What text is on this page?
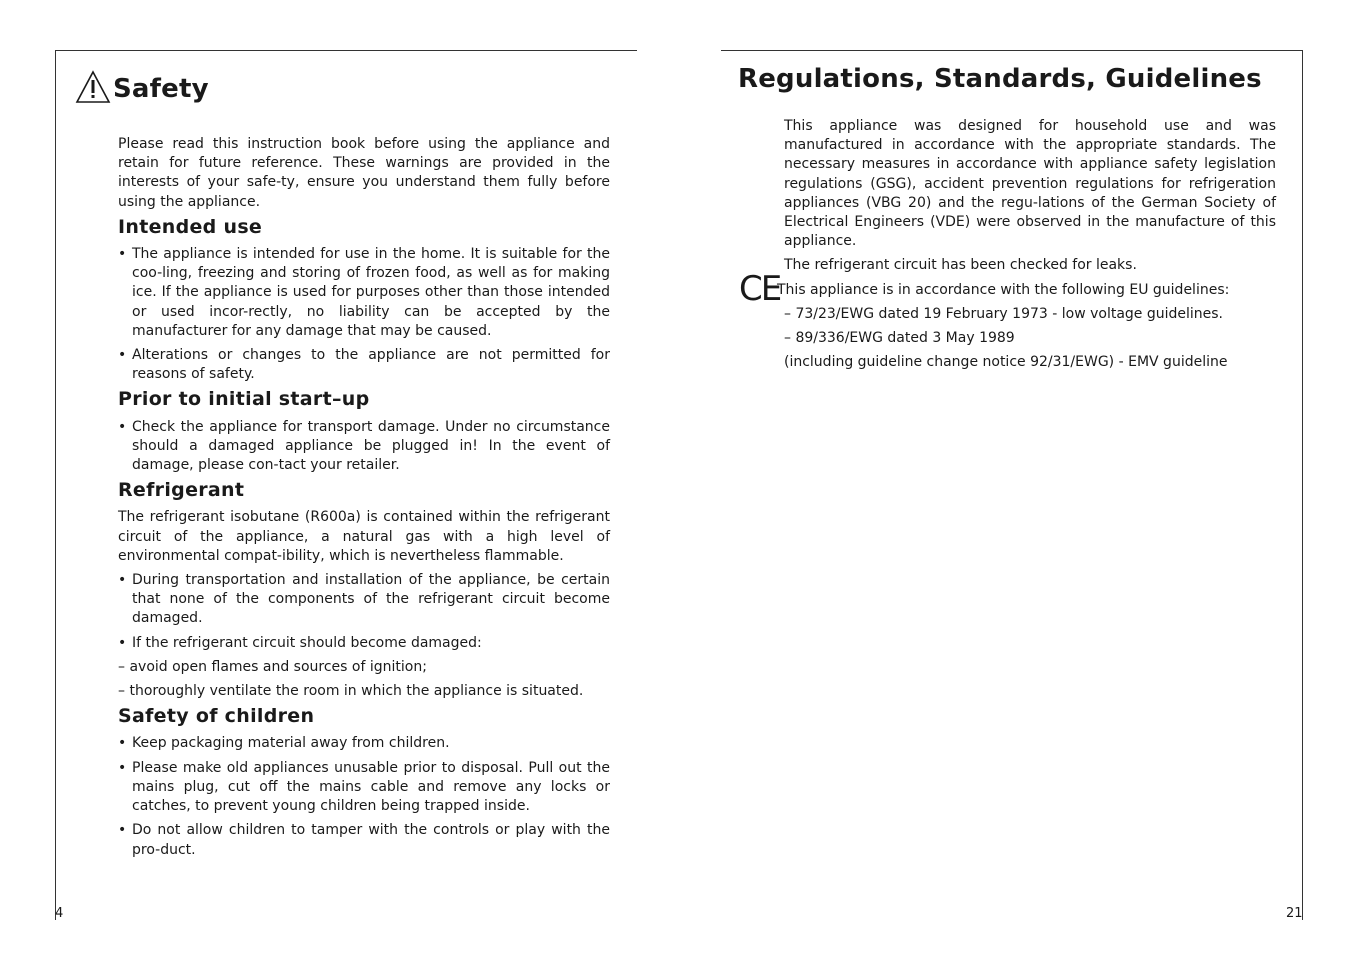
Safety

Please read this instruction book before using the appliance and retain for future reference. These warnings are provided in the interests of your safe-ty, ensure you understand them fully before using the appliance.

Intended use
• The appliance is intended for use in the home. It is suitable for the coo-ling, freezing and storing of frozen food, as well as for making ice. If the appliance is used for purposes other than those intended or used incor-rectly, no liability can be accepted by the manufacturer for any damage that may be caused.
• Alterations or changes to the appliance are not permitted for reasons of safety.
Prior to initial start–up
• Check the appliance for transport damage. Under no circumstance should a damaged appliance be plugged in! In the event of damage, please con-tact your retailer.
Refrigerant

The refrigerant isobutane (R600a) is contained within the refrigerant circuit of the appliance, a natural gas with a high level of environmental compat-ibility, which is nevertheless flammable.

• During transportation and installation of the appliance, be certain that none of the components of the refrigerant circuit become damaged.
• If the refrigerant circuit should become damaged:
– avoid open flames and sources of ignition;
– thoroughly ventilate the room in which the appliance is situated.
Safety of children
• Keep packaging material away from children.
• Please make old appliances unusable prior to disposal. Pull out the mains plug, cut off the mains cable and remove any locks or catches, to prevent young children being trapped inside.
• Do not allow children to tamper with the controls or play with the pro-duct.
4
Regulations, Standards, Guidelines

This appliance was designed for household use and was manufactured in accordance with the appropriate standards. The necessary measures in accordance with appliance safety legislation regulations (GSG), accident prevention regulations for refrigeration appliances (VBG 20) and the regu-lations of the German Society of Electrical Engineers (VDE) were observed in the manufacture of this appliance.

The refrigerant circuit has been checked for leaks.

This appliance is in accordance with the following EU guidelines:

– 73/23/EWG dated 19 February 1973 - low voltage guidelines.

– 89/336/EWG dated 3 May 1989

(including guideline change notice 92/31/EWG) - EMV guideline

CE
21
